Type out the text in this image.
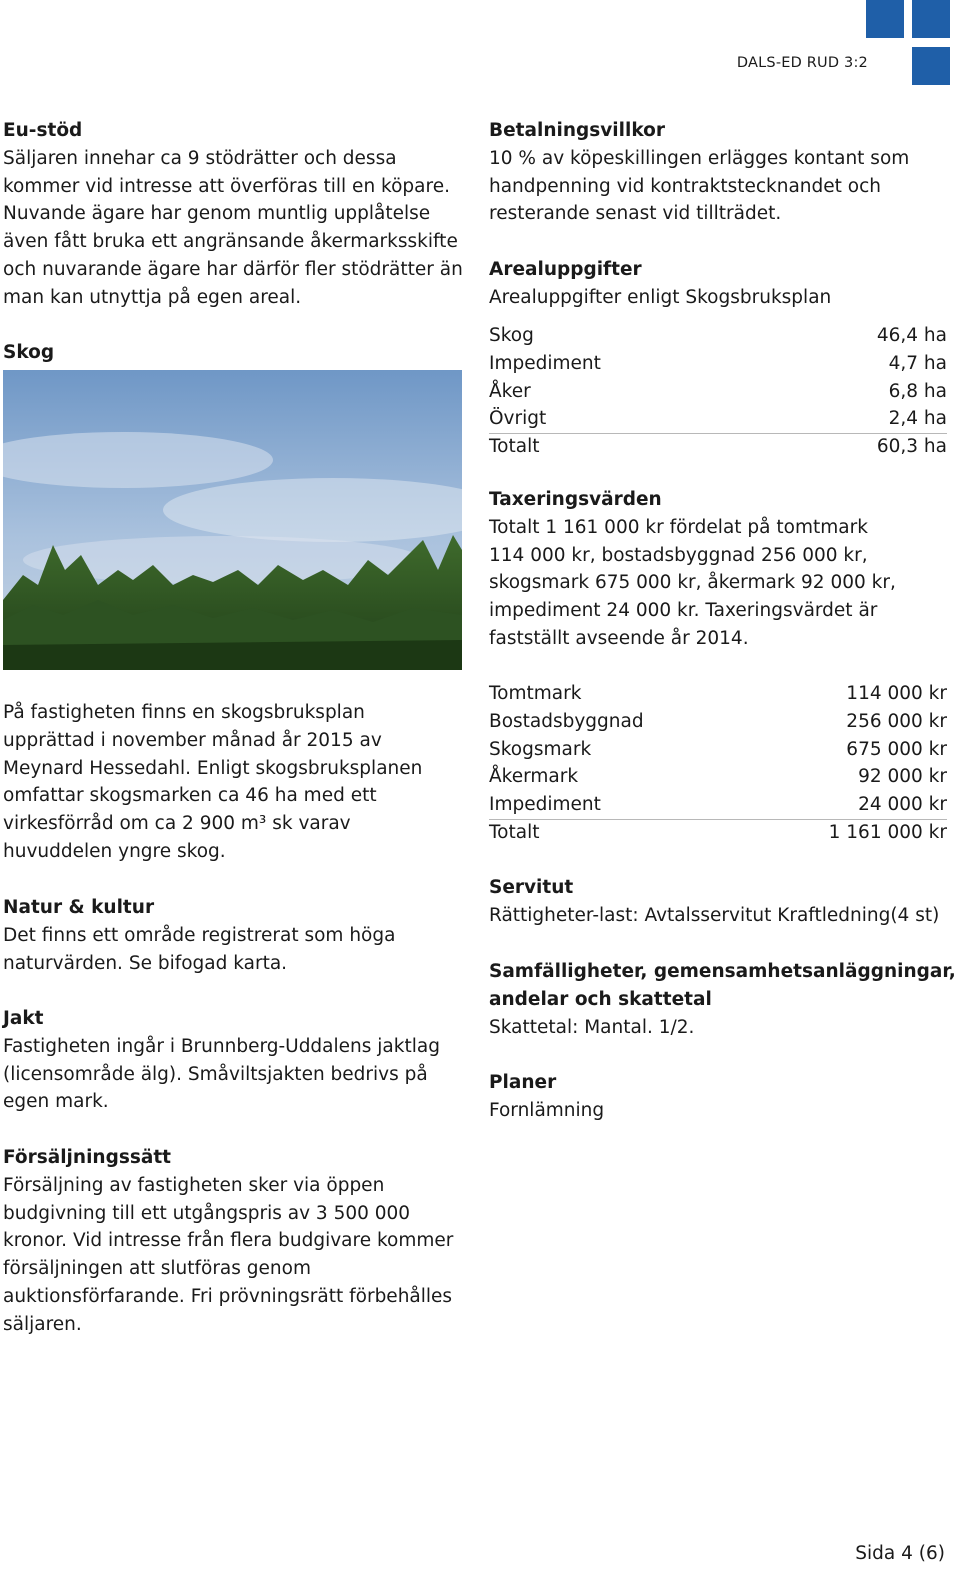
DALS-ED RUD 3:2
Eu-stöd
Säljaren innehar ca 9 stödrätter och dessa
kommer vid intresse att överföras till en köpare.
Nuvande ägare har genom muntlig upplåtelse
även fått bruka ett angränsande åkermarksskifte
och nuvarande ägare har därför fler stödrätter än
man kan utnyttja på egen areal.
Skog
På fastigheten finns en skogsbruksplan
upprättad i november månad år 2015 av
Meynard Hessedahl. Enligt skogsbruksplanen
omfattar skogsmarken ca 46 ha med ett
virkesförråd om ca 2 900 m³ sk varav
huvuddelen yngre skog.
Natur & kultur
Det finns ett område registrerat som höga
naturvärden. Se bifogad karta.
Jakt
Fastigheten ingår i Brunnberg-Uddalens jaktlag
(licensområde älg). Småviltsjakten bedrivs på
egen mark.
Försäljningssätt
Försäljning av fastigheten sker via öppen
budgivning till ett utgångspris av 3 500 000
kronor. Vid intresse från flera budgivare kommer
försäljningen att slutföras genom
auktionsförfarande. Fri prövningsrätt förbehålles
säljaren.
Betalningsvillkor
10 % av köpeskillingen erlägges kontant som
handpenning vid kontraktstecknandet och
resterande senast vid tillträdet.
Arealuppgifter
Arealuppgifter enligt Skogsbruksplan
Skog	46,4 ha
Impediment	4,7 ha
Åker	6,8 ha
Övrigt	2,4 ha
Totalt	60,3 ha
Taxeringsvärden
Totalt 1 161 000 kr fördelat på tomtmark
114 000 kr, bostadsbyggnad 256 000 kr,
skogsmark 675 000 kr, åkermark 92 000 kr,
impediment 24 000 kr. Taxeringsvärdet är
fastställt avseende år 2014.
Tomtmark	114 000 kr
Bostadsbyggnad	256 000 kr
Skogsmark	675 000 kr
Åkermark	92 000 kr
Impediment	24 000 kr
Totalt	1 161 000 kr
Servitut
Rättigheter-last: Avtalsservitut Kraftledning(4 st)
Samfälligheter, gemensamhetsanläggningar,
andelar och skattetal
Skattetal: Mantal. 1/2.
Planer
Fornlämning
Sida 4 (6)
